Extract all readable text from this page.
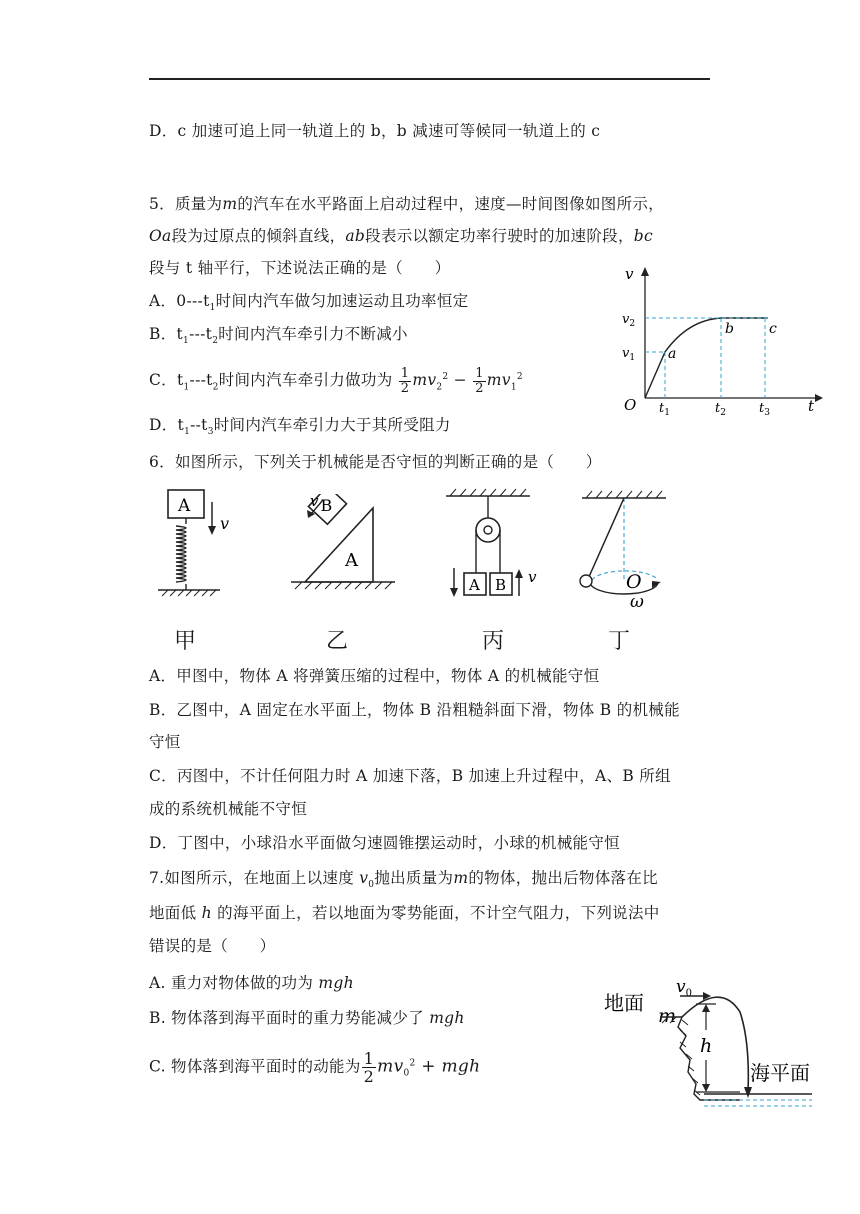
D．c 加速可追上同一轨道上的 b，b 减速可等候同一轨道上的 c
5．质量为m的汽车在水平路面上启动过程中，速度—时间图像如图所示，
Oa段为过原点的倾斜直线，ab段表示以额定功率行驶时的加速阶段，bc
段与 t 轴平行，下述说法正确的是（　　）
A．$0---t_1$时间内汽车做匀加速运动且功率恒定
B．$t_1---t_2$时间内汽车牵引力不断减小
C．$t_1---t_2$时间内汽车牵引力做功为 $\frac{1}{2} mv_2^2 - \frac{1}{2} mv_1^2$
D．$t_1--t_3$时间内汽车牵引力大于其所受阻力
v
$v_2$
$v_1$
O	t
$t_1$	$t_2$	$t_3$
a
b	c
6．如图所示，下列关于机械能是否守恒的判断正确的是（　　）
A
v
A
B
v
A B v	O
ω
甲	乙	丙	丁
A．甲图中，物体 A 将弹簧压缩的过程中，物体 A 的机械能守恒
B．乙图中，A 固定在水平面上，物体 B 沿粗糙斜面下滑，物体 B 的机械能
守恒
C．丙图中，不计任何阻力时 A 加速下落，B 加速上升过程中，A、B 所组
成的系统机械能不守恒
D．丁图中，小球沿水平面做匀速圆锥摆运动时，小球的机械能守恒
7.如图所示，在地面上以速度 $v_0$抛出质量为m的物体，抛出后物体落在比
地面低 h 的海平面上，若以地面为零势能面，不计空气阻力，下列说法中
错误的是（　　）
A. 重力对物体做的功为 mgh
B. 物体落到海平面时的重力势能减少了 mgh
C. 物体落到海平面时的动能为 $\frac{1}{2} mv_0^2$ + mgh
地面
m
$v_0$
h
海平面
